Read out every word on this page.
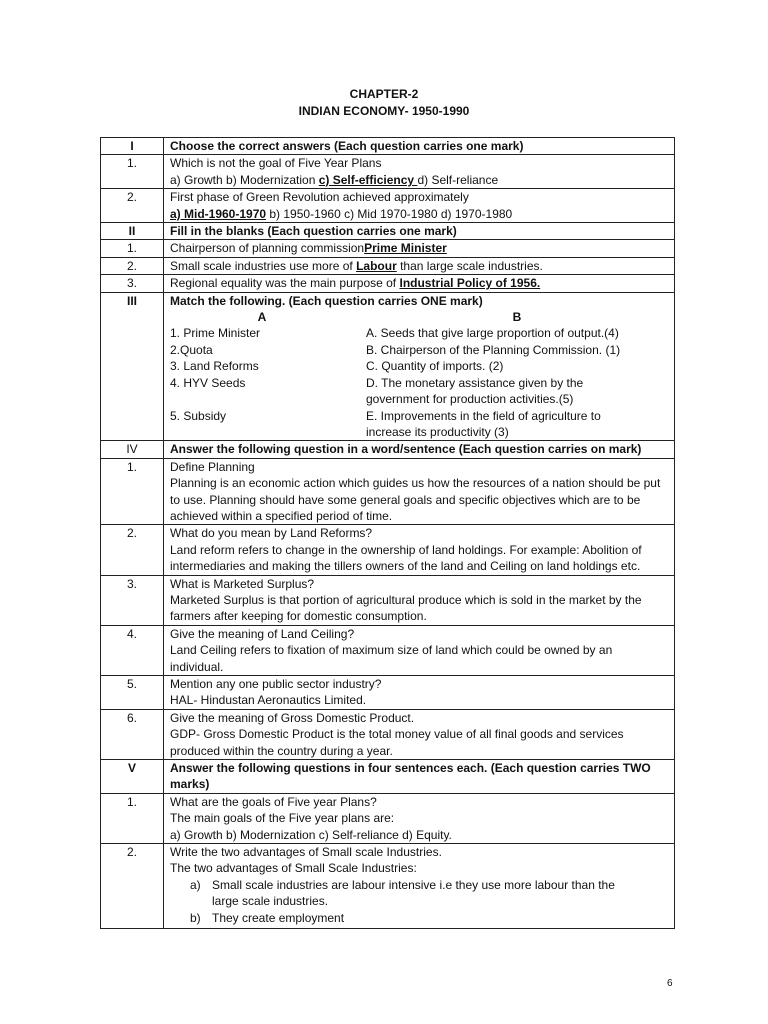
CHAPTER-2
INDIAN ECONOMY- 1950-1990
I	Choose the correct answers (Each question carries one mark)
1.	Which is not the goal of Five Year Plans
a) Growth b) Modernization c) Self-efficiency d) Self-reliance

2.	First phase of Green Revolution achieved approximately
a) Mid-1960-1970 b) 1950-1960 c) Mid 1970-1980 d) 1970-1980

II	Fill in the blanks (Each question carries one mark)
1.	Chairperson of planning commissionPrime Minister
2.	Small scale industries use more of Labour than large scale industries.
3.	Regional equality was the main purpose of Industrial Policy of 1956.
III	Match the following. (Each question carries ONE mark)
A	B
1. Prime Minister	A. Seeds that give large proportion of output.(4)
2.Quota	B. Chairperson of the Planning Commission. (1)
3. Land Reforms	C. Quantity of imports. (2)
4. HYV Seeds	D. The monetary assistance given by the government for production activities.(5)
5. Subsidy	E. Improvements in the field of agriculture to increase its productivity (3)

IV	Answer the following question in a word/sentence (Each question carries on mark)
1.	Define Planning
Planning is an economic action which guides us how the resources of a nation should be put to use. Planning should have some general goals and specific objectives which are to be achieved within a specified period of time.

2.	What do you mean by Land Reforms?
Land reform refers to change in the ownership of land holdings. For example: Abolition of intermediaries and making the tillers owners of the land and Ceiling on land holdings etc.

3.	What is Marketed Surplus?
Marketed Surplus is that portion of agricultural produce which is sold in the market by the farmers after keeping for domestic consumption.

4.	Give the meaning of Land Ceiling?
Land Ceiling refers to fixation of maximum size of land which could be owned by an individual.

5.	Mention any one public sector industry?
HAL- Hindustan Aeronautics Limited.

6.	Give the meaning of Gross Domestic Product.
GDP- Gross Domestic Product is the total money value of all final goods and services produced within the country during a year.

V	Answer the following questions in four sentences each. (Each question carries TWO marks)
1.	What are the goals of Five year Plans?
The main goals of the Five year plans are:
a) Growth b) Modernization c) Self-reliance d) Equity.

2.	Write the two advantages of Small scale Industries.
The two advantages of Small Scale Industries:
a) Small scale industries are labour intensive i.e they use more labour than the
large scale industries.
b) They create employment
6
